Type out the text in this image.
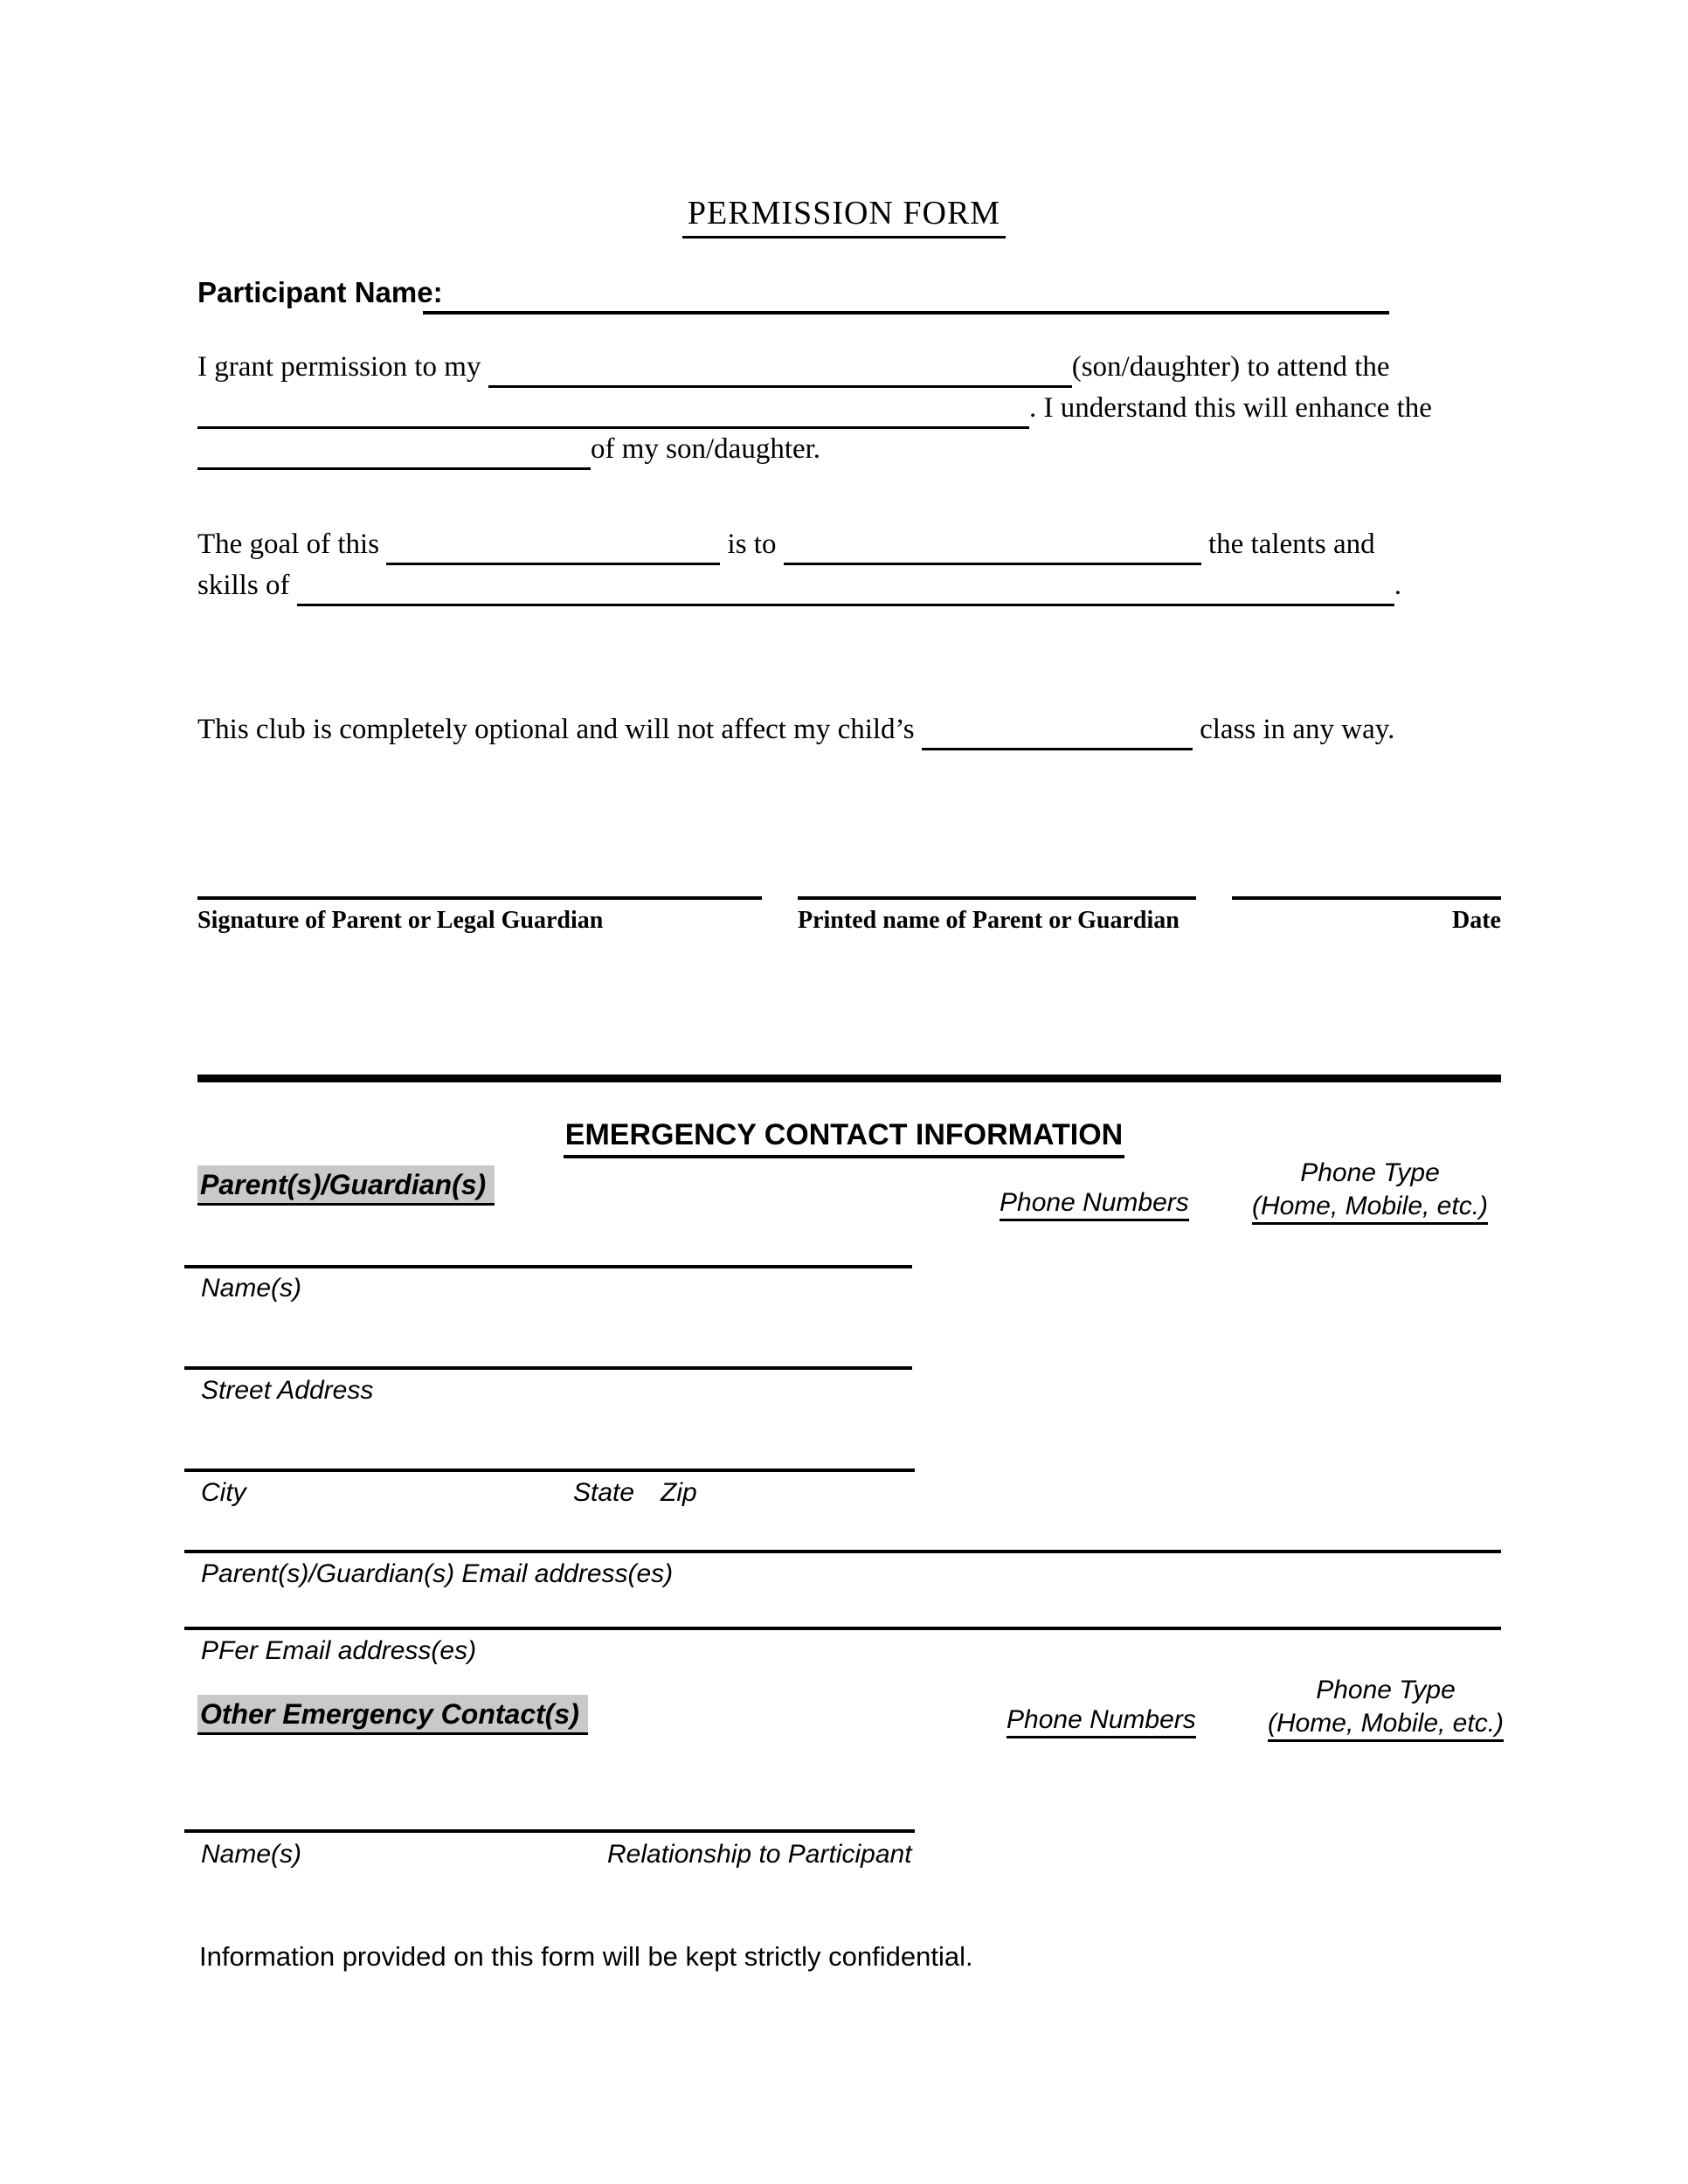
PERMISSION FORM
Participant Name:
I grant permission to my	(son/daughter) to attend the
. I understand this will enhance the
of my son/daughter.
The goal of this	is to	the talents and
skills of	.
This club is completely optional and will not affect my child’s	class in any way.
Signature of Parent or Legal Guardian	Printed name of Parent or Guardian	Date
EMERGENCY CONTACT INFORMATION
Parent(s)/Guardian(s)
Phone Numbers
Phone Type
(Home, Mobile, etc.)
Name(s)
Street Address
City	State Zip
Parent(s)/Guardian(s) Email address(es)
PFer Email address(es)
Other Emergency Contact(s)	Phone Numbers
Phone Type
(Home, Mobile, etc.)
Name(s)	Relationship to Participant
Information provided on this form will be kept strictly confidential.
